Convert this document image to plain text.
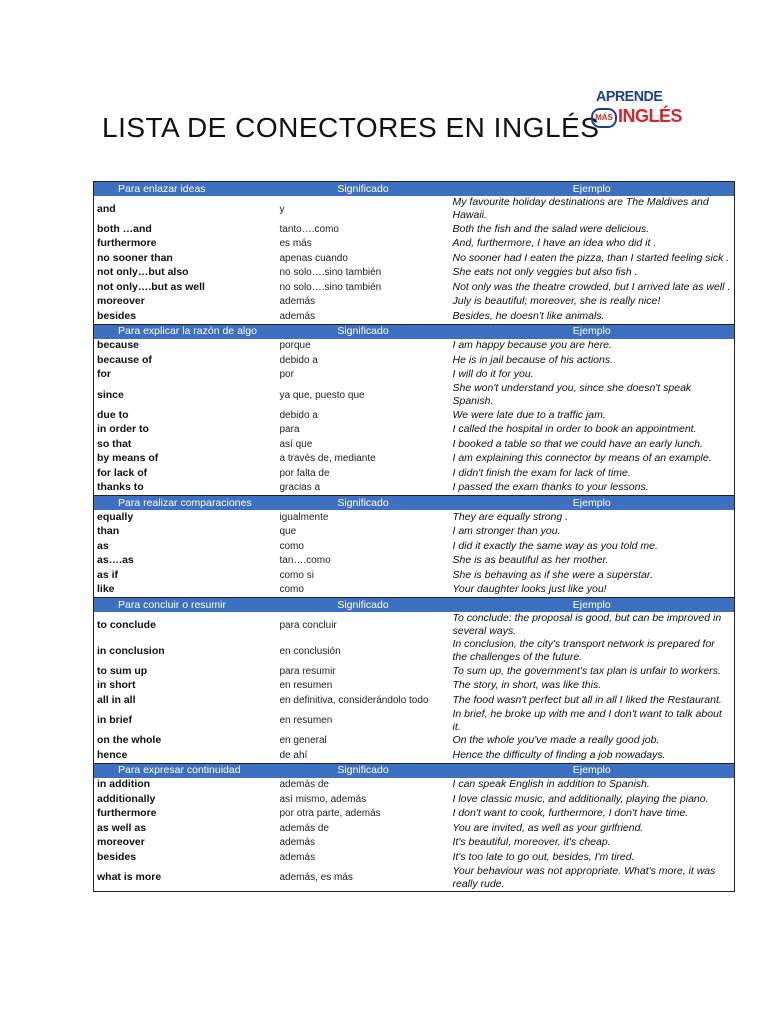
LISTA DE CONECTORES EN INGLÉS
APRENDE
MÁS INGLÉS
Para enlazar ideas	Significado	Ejemplo
and	y	My favourite holiday destinations are The Maldives and Hawaii.
both …and	tanto….como	Both the fish and the salad were delicious.
furthermore	es más	And, furthermore, I have an idea who did it .
no sooner than	apenas cuando	No sooner had I eaten the pizza, than I started feeling sick .
not only…but also	no solo….sino también	She eats not only veggies but also fish .
not only….but as well	no solo….sino también	Not only was the theatre crowded, but I arrived late as well .
moreover	además	July is beautiful; moreover, she is really nice!
besides	además	Besides, he doesn't like animals.
Para explicar la razón de algo	Significado	Ejemplo
because	porque	I am happy because you are here.
because of	debido a	He is in jail because of his actions.
for	por	I will do it for you.
since	ya que, puesto que	She won't understand you, since she doesn't speak Spanish.
due to	debido a	We were late due to a traffic jam.
in order to	para	I called the hospital in order to book an appointment.
so that	así que	I booked a table so that we could have an early lunch.
by means of	a través de, mediante	I am explaining this connector by means of an example.
for lack of	por falta de	I didn't finish the exam for lack of time.
thanks to	gracias a	I passed the exam thanks to your lessons.
Para realizar comparaciones	Significado	Ejemplo
equally	igualmente	They are equally strong .
than	que	I am stronger than you.
as	como	I did it exactly the same way as you told me.
as….as	tan….como	She is as beautiful as her mother.
as if	como si	She is behaving as if she were a superstar.
like	como	Your daughter looks just like you!
Para concluir o resumir	Significado	Ejemplo
to conclude	para concluir	To conclude: the proposal is good, but can be improved in several ways.
in conclusion	en conclusión	In conclusion, the city's transport network is prepared for the challenges of the future.
to sum up	para resumir	To sum up, the government's tax plan is unfair to workers.
in short	en resumen	The story, in short, was like this.
all in all	en definitiva, considerándolo todo	The food wasn't perfect but all in all I liked the Restaurant.
in brief	en resumen	In brief, he broke up with me and I don't want to talk about it.
on the whole	en general	On the whole you've made a really good job.
hence	de ahí	Hence the difficulty of finding a job nowadays.
Para expresar continuidad	Significado	Ejemplo
in addition	además de	I can speak English in addition to Spanish.
additionally	así mismo, además	I love classic music, and additionally, playing the piano.
furthermore	por otra parte, además	I don't want to cook, furthermore, I don't have time.
as well as	además de	You are invited, as well as your girlfriend.
moreover	además	It's beautiful, moreover, it's cheap.
besides	además	It's too late to go out, besides, I'm tired.
what is more	además, es más	Your behaviour was not appropriate. What's more, it was really rude.
